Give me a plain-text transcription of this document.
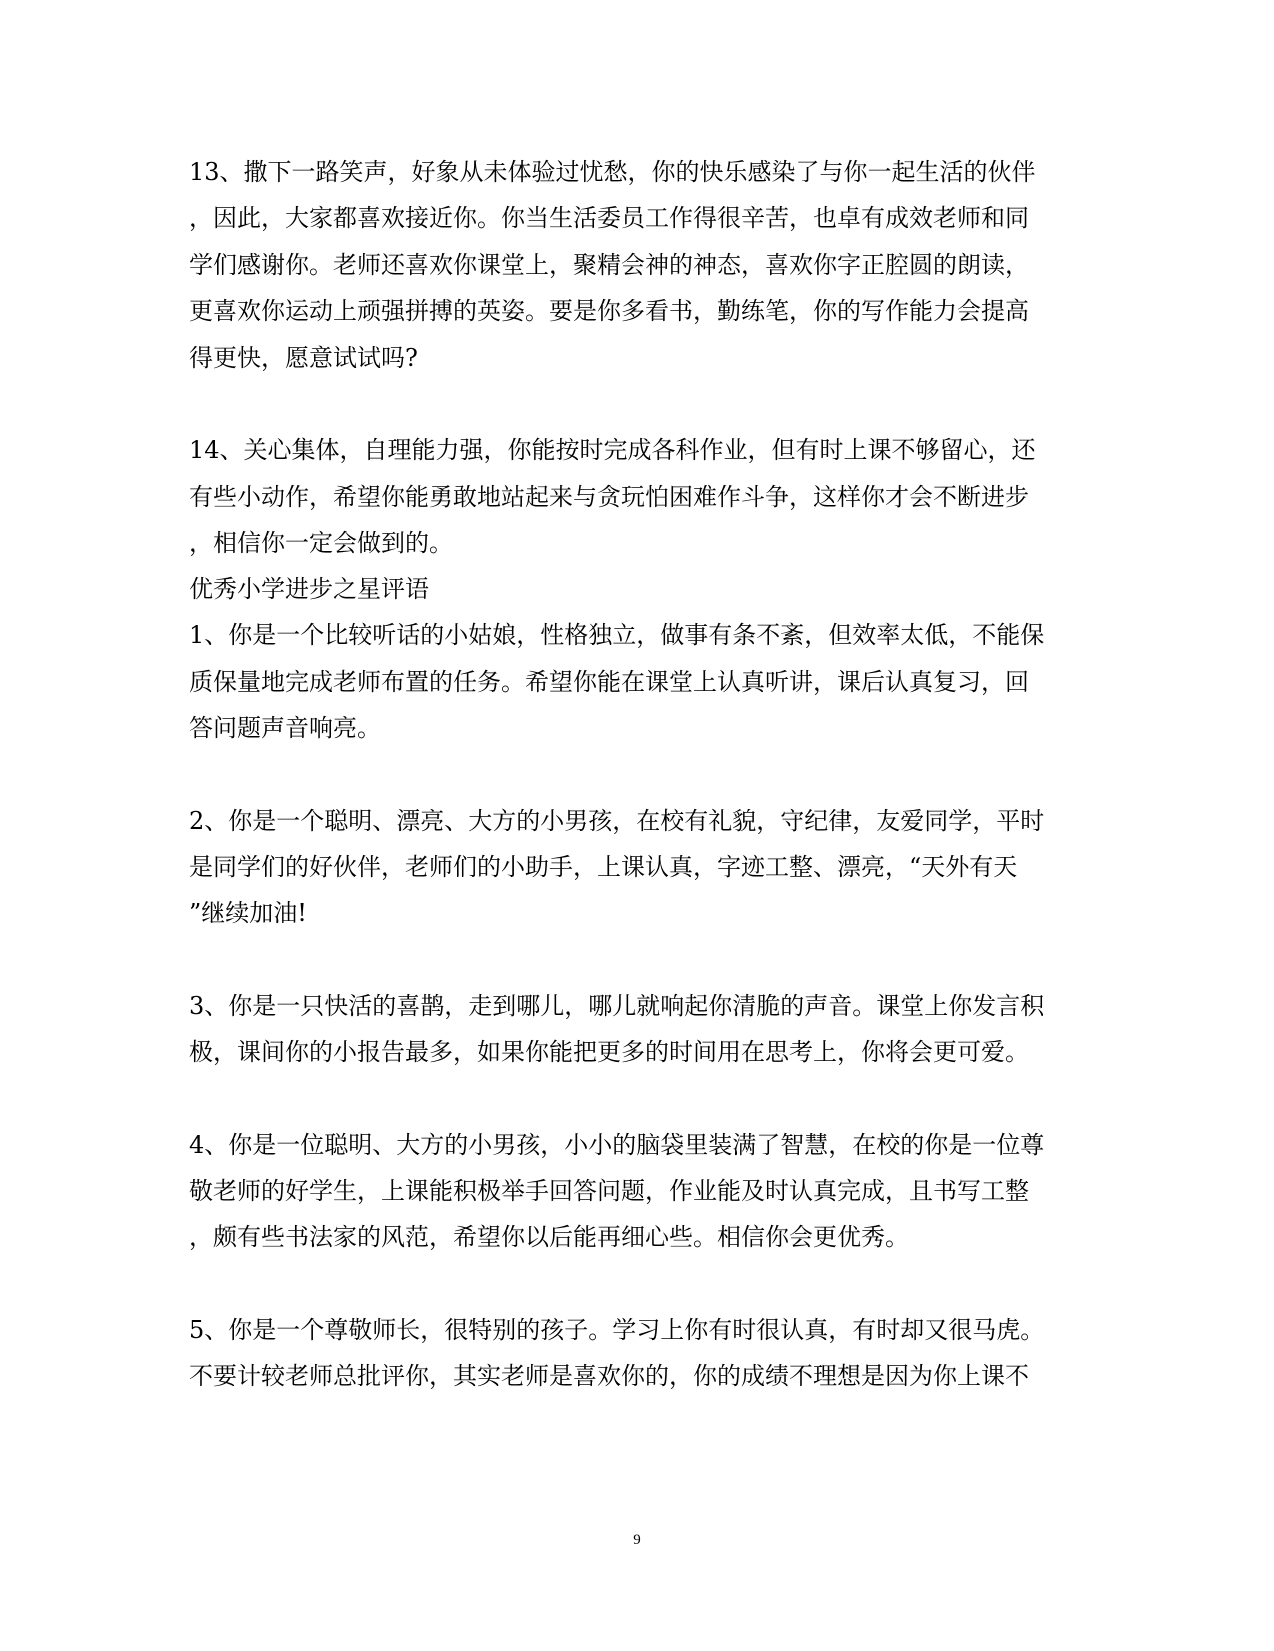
13、撒下一路笑声，好象从未体验过忧愁，你的快乐感染了与你一起生活的伙伴

，因此，大家都喜欢接近你。你当生活委员工作得很辛苦，也卓有成效老师和同

学们感谢你。老师还喜欢你课堂上，聚精会神的神态，喜欢你字正腔圆的朗读，

更喜欢你运动上顽强拼搏的英姿。要是你多看书，勤练笔，你的写作能力会提高

得更快，愿意试试吗?

14、关心集体，自理能力强，你能按时完成各科作业，但有时上课不够留心，还

有些小动作，希望你能勇敢地站起来与贪玩怕困难作斗争，这样你才会不断进步

，相信你一定会做到的。

优秀小学进步之星评语

1、你是一个比较听话的小姑娘，性格独立，做事有条不紊，但效率太低，不能保

质保量地完成老师布置的任务。希望你能在课堂上认真听讲，课后认真复习，回

答问题声音响亮。

2、你是一个聪明、漂亮、大方的小男孩，在校有礼貌，守纪律，友爱同学，平时

是同学们的好伙伴，老师们的小助手，上课认真，字迹工整、漂亮，“天外有天

”继续加油!

3、你是一只快活的喜鹊，走到哪儿，哪儿就响起你清脆的声音。课堂上你发言积

极，课间你的小报告最多，如果你能把更多的时间用在思考上，你将会更可爱。

4、你是一位聪明、大方的小男孩，小小的脑袋里装满了智慧，在校的你是一位尊

敬老师的好学生，上课能积极举手回答问题，作业能及时认真完成，且书写工整

，颇有些书法家的风范，希望你以后能再细心些。相信你会更优秀。

5、你是一个尊敬师长，很特别的孩子。学习上你有时很认真，有时却又很马虎。

不要计较老师总批评你，其实老师是喜欢你的，你的成绩不理想是因为你上课不

9
